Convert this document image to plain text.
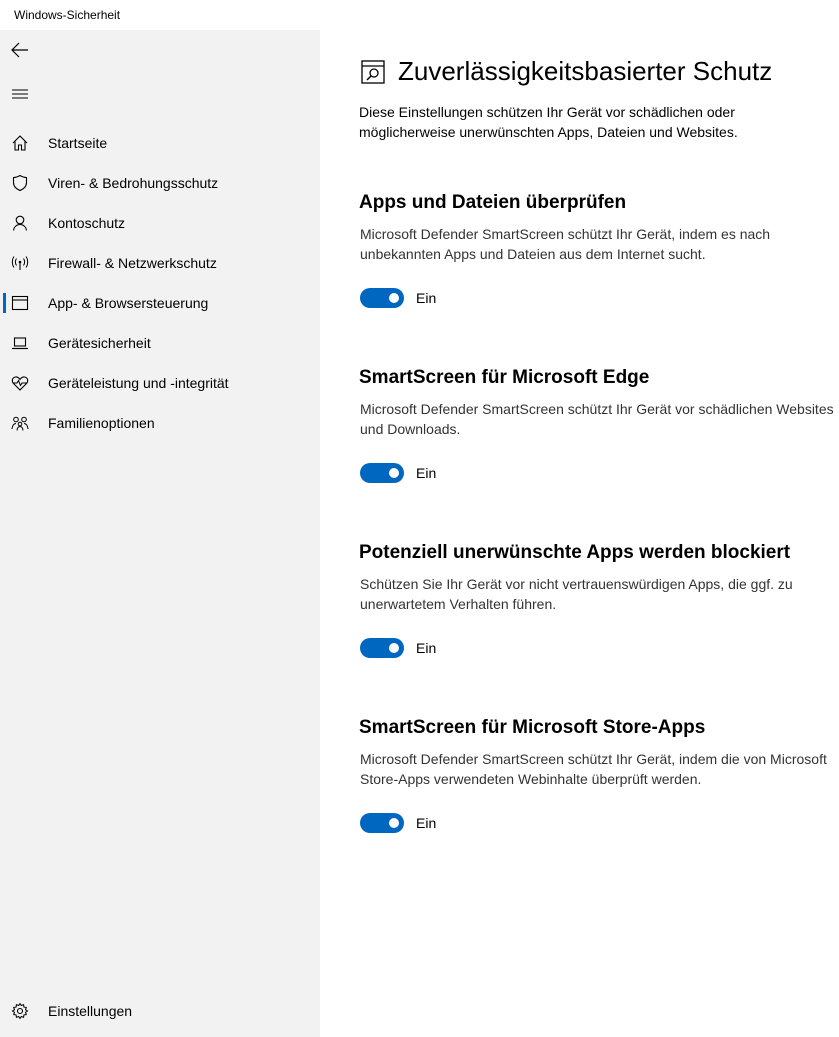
Windows-Sicherheit
Startseite
Viren- & Bedrohungsschutz
Kontoschutz
Firewall- & Netzwerkschutz
App- & Browsersteuerung
Gerätesicherheit
Geräteleistung und -integrität
Familienoptionen
Einstellungen
Zuverlässigkeitsbasierter Schutz
Diese Einstellungen schützen Ihr Gerät vor schädlichen oder möglicherweise unerwünschten Apps, Dateien und Websites.
Apps und Dateien überprüfen
Microsoft Defender SmartScreen schützt Ihr Gerät, indem es nach unbekannten Apps und Dateien aus dem Internet sucht.
Ein
SmartScreen für Microsoft Edge
Microsoft Defender SmartScreen schützt Ihr Gerät vor schädlichen Websites und Downloads.
Ein
Potenziell unerwünschte Apps werden blockiert
Schützen Sie Ihr Gerät vor nicht vertrauenswürdigen Apps, die ggf. zu unerwartetem Verhalten führen.
Ein
SmartScreen für Microsoft Store-Apps
Microsoft Defender SmartScreen schützt Ihr Gerät, indem die von Microsoft Store-Apps verwendeten Webinhalte überprüft werden.
Ein
